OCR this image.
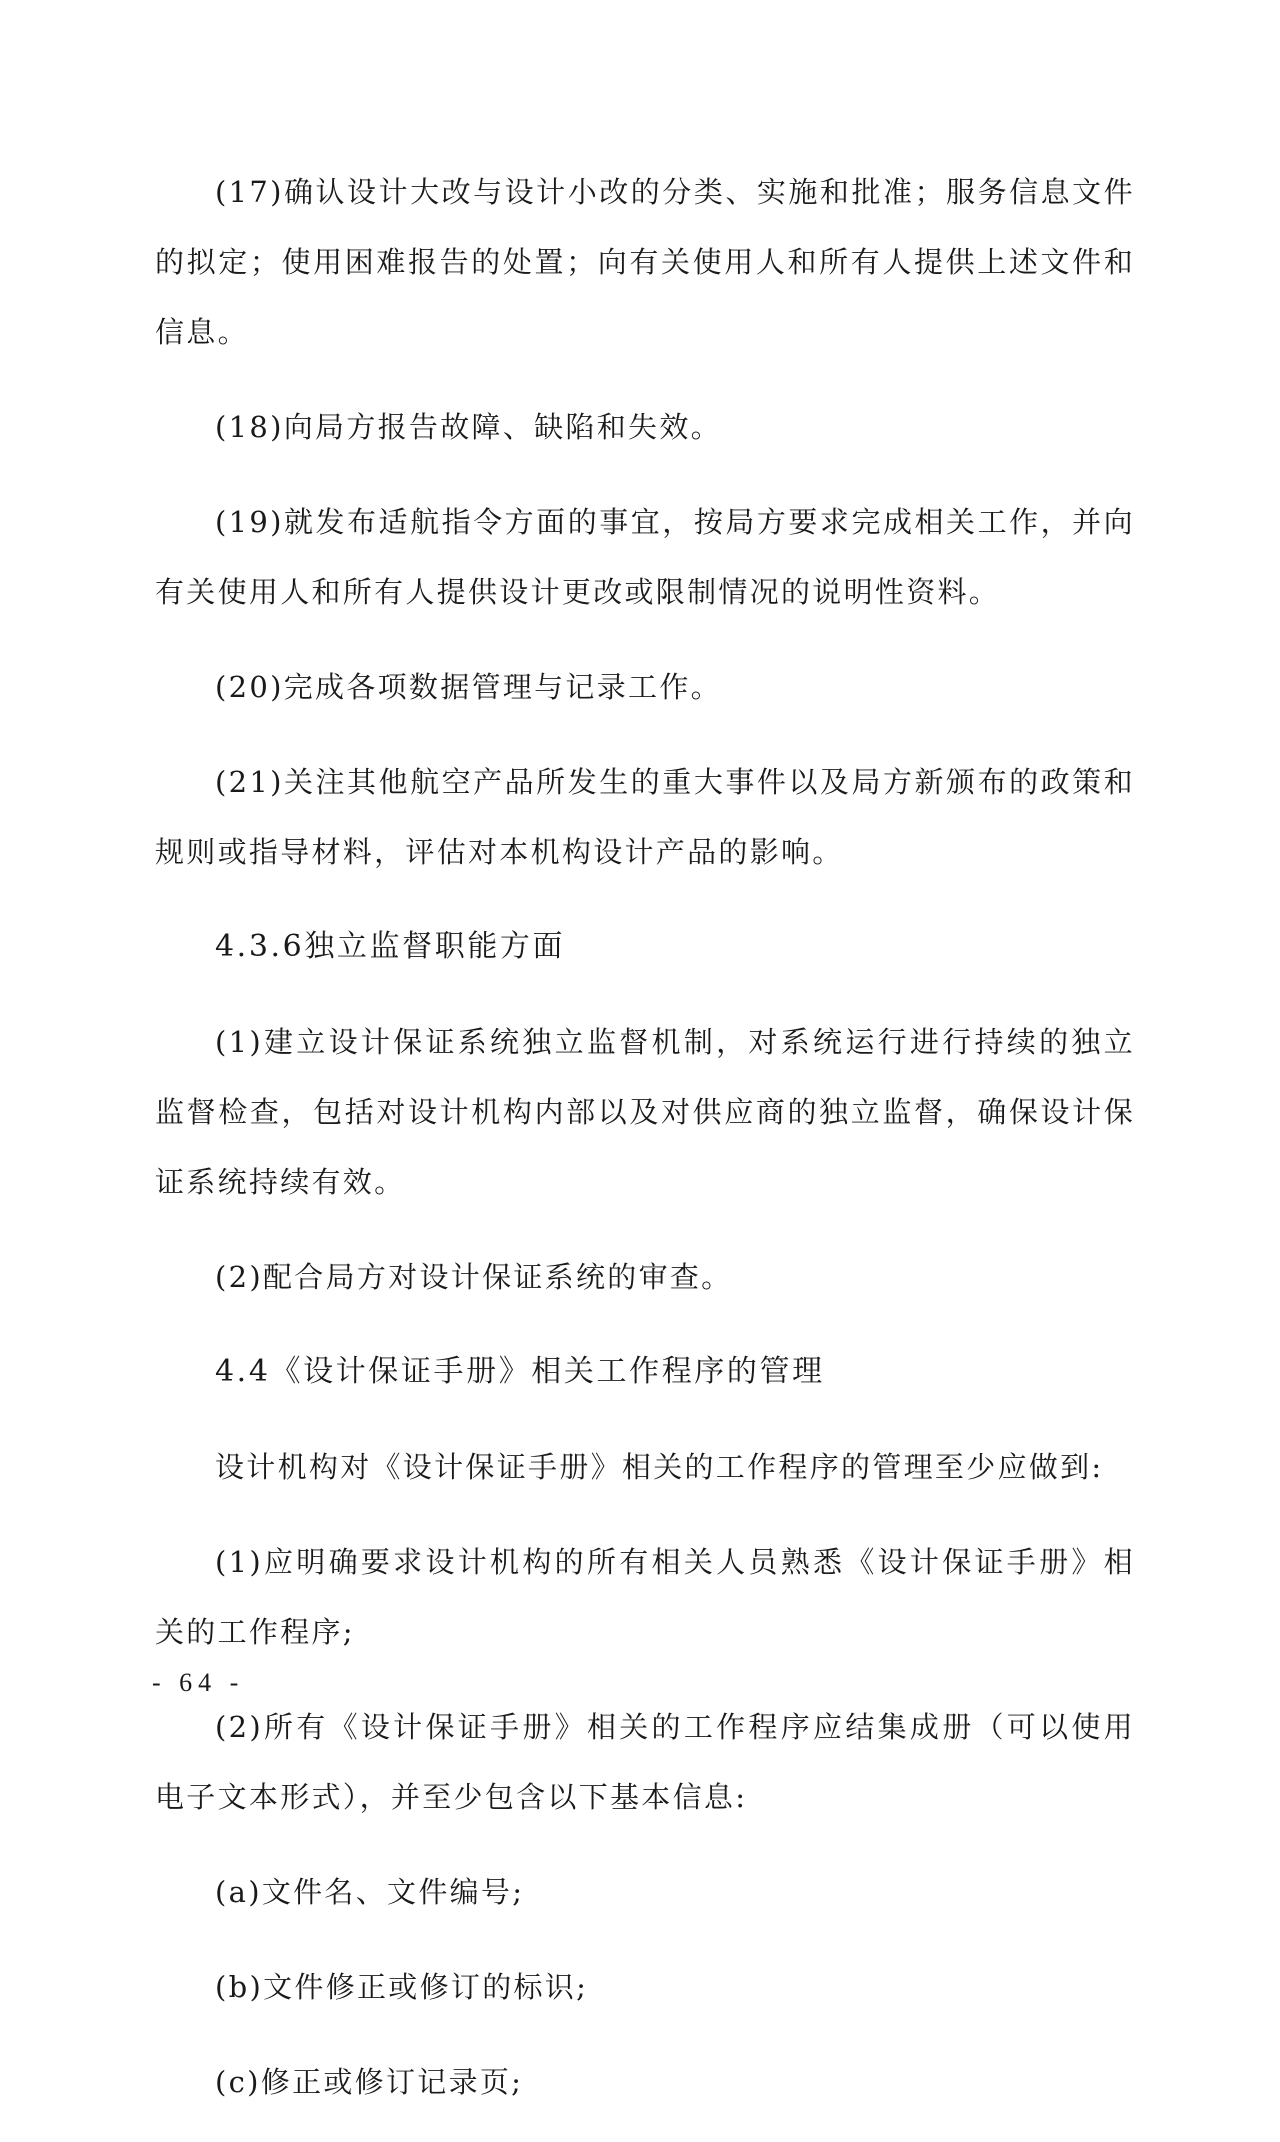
(17)确认设计大改与设计小改的分类、实施和批准；服务信息文件的拟定；使用困难报告的处置；向有关使用人和所有人提供上述文件和信息。

(18)向局方报告故障、缺陷和失效。

(19)就发布适航指令方面的事宜，按局方要求完成相关工作，并向有关使用人和所有人提供设计更改或限制情况的说明性资料。

(20)完成各项数据管理与记录工作。

(21)关注其他航空产品所发生的重大事件以及局方新颁布的政策和规则或指导材料，评估对本机构设计产品的影响。

4.3.6独立监督职能方面

(1)建立设计保证系统独立监督机制，对系统运行进行持续的独立监督检查，包括对设计机构内部以及对供应商的独立监督，确保设计保证系统持续有效。

(2)配合局方对设计保证系统的审查。

4.4《设计保证手册》相关工作程序的管理

设计机构对《设计保证手册》相关的工作程序的管理至少应做到:

(1)应明确要求设计机构的所有相关人员熟悉《设计保证手册》相关的工作程序;

(2)所有《设计保证手册》相关的工作程序应结集成册（可以使用电子文本形式），并至少包含以下基本信息:

(a)文件名、文件编号;

(b)文件修正或修订的标识;

(c)修正或修订记录页;

- 64 -
